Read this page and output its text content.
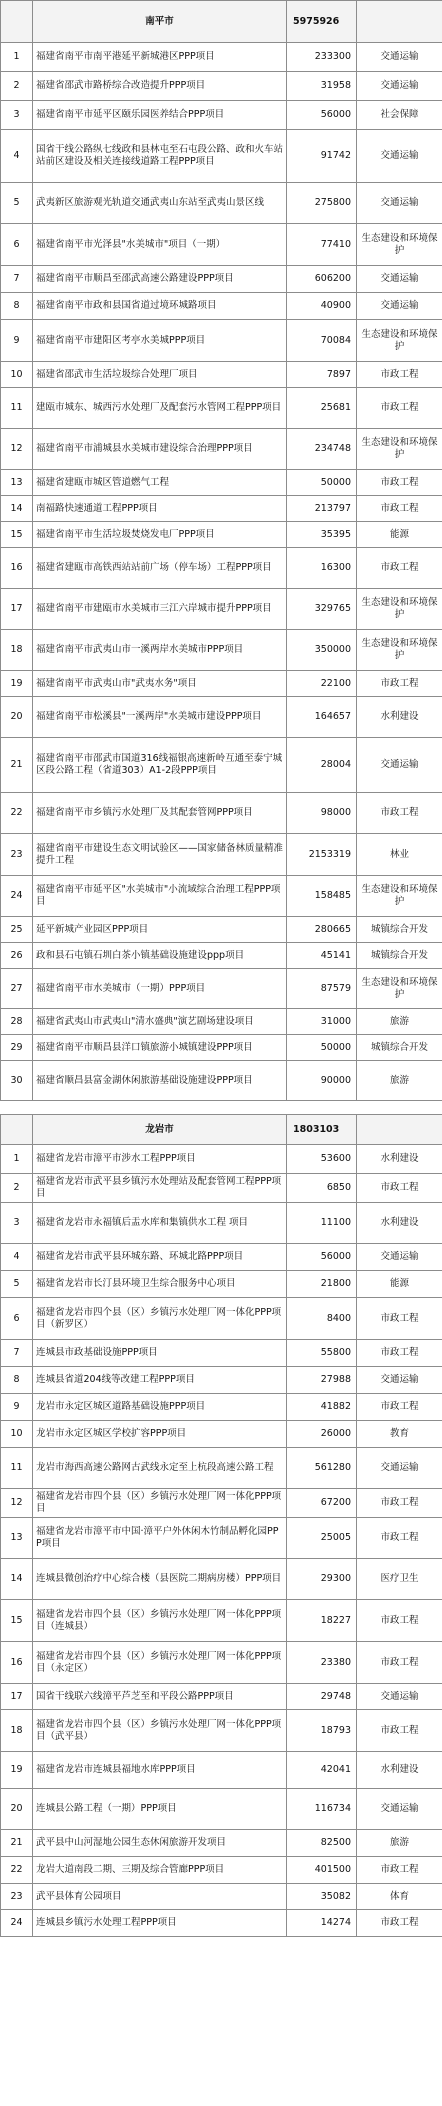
	南平市	5975926	
1	福建省南平市南平港延平新城港区PPP项目	233300	交通运输
2	福建省邵武市路桥综合改造提升PPP项目	31958	交通运输
3	福建省南平市延平区颐乐园医养结合PPP项目	56000	社会保障
4	国省干线公路纵七线政和县林屯至石屯段公路、政和火车站站前区建设及相关连接线道路工程PPP项目	91742	交通运输
5	武夷新区旅游观光轨道交通武夷山东站至武夷山景区线	275800	交通运输
6	福建省南平市光泽县"水美城市"项目（一期）	77410	生态建设和环境保护
7	福建省南平市顺昌至邵武高速公路建设PPP项目	606200	交通运输
8	福建省南平市政和县国省道过境环城路项目	40900	交通运输
9	福建省南平市建阳区考亭水美城PPP项目	70084	生态建设和环境保护
10	福建省邵武市生活垃圾综合处理厂项目	7897	市政工程
11	建瓯市城东、城西污水处理厂及配套污水管网工程PPP项目	25681	市政工程
12	福建省南平市浦城县水美城市建设综合治理PPP项目	234748	生态建设和环境保护
13	福建省建瓯市城区管道燃气工程	50000	市政工程
14	南福路快速通道工程PPP项目	213797	市政工程
15	福建省南平市生活垃圾焚烧发电厂PPP项目	35395	能源
16	福建省建瓯市高铁西站站前广场（停车场）工程PPP项目	16300	市政工程
17	福建省南平市建瓯市水美城市三江六岸城市提升PPP项目	329765	生态建设和环境保护
18	福建省南平市武夷山市一溪两岸水美城市PPP项目	350000	生态建设和环境保护
19	福建省南平市武夷山市"武夷水务"项目	22100	市政工程
20	福建省南平市松溪县"一溪两岸"水美城市建设PPP项目	164657	水利建设
21	福建省南平市邵武市国道316线福银高速新岭互通至泰宁城区段公路工程（省道303）A1-2段PPP项目	28004	交通运输
22	福建省南平市乡镇污水处理厂及其配套管网PPP项目	98000	市政工程
23	福建省南平市建设生态文明试验区——国家储备林质量精准提升工程	2153319	林业
24	福建省南平市延平区"水美城市"小流域综合治理工程PPP项目	158485	生态建设和环境保护
25	延平新城产业园区PPP项目	280665	城镇综合开发
26	政和县石屯镇石圳白茶小镇基础设施建设ppp项目	45141	城镇综合开发
27	福建省南平市水美城市（一期）PPP项目	87579	生态建设和环境保护
28	福建省武夷山市武夷山"清水盛典"演艺剧场建设项目	31000	旅游
29	福建省南平市顺昌县洋口镇旅游小城镇建设PPP项目	50000	城镇综合开发
30	福建省顺昌县富金湖休闲旅游基础设施建设PPP项目	90000	旅游

	龙岩市	1803103	
1	福建省龙岩市漳平市涉水工程PPP项目	53600	水利建设
2	福建省龙岩市武平县乡镇污水处理站及配套管网工程PPP项目	6850	市政工程
3	福建省龙岩市永福镇后盂水库和集镇供水工程 项目	11100	水利建设
4	福建省龙岩市武平县环城东路、环城北路PPP项目	56000	交通运输
5	福建省龙岩市长汀县环境卫生综合服务中心项目	21800	能源
6	福建省龙岩市四个县（区）乡镇污水处理厂网一体化PPP项目（新罗区）	8400	市政工程
7	连城县市政基础设施PPP项目	55800	市政工程
8	连城县省道204线等改建工程PPP项目	27988	交通运输
9	龙岩市永定区城区道路基础设施PPP项目	41882	市政工程
10	龙岩市永定区城区学校扩容PPP项目	26000	教育
11	龙岩市海西高速公路网古武线永定至上杭段高速公路工程	561280	交通运输
12	福建省龙岩市四个县（区）乡镇污水处理厂网一体化PPP项目	67200	市政工程
13	福建省龙岩市漳平市中国·漳平户外休闲木竹制品孵化园PPP项目	25005	市政工程
14	连城县微创治疗中心综合楼（县医院二期病房楼）PPP项目	29300	医疗卫生
15	福建省龙岩市四个县（区）乡镇污水处理厂网一体化PPP项目（连城县）	18227	市政工程
16	福建省龙岩市四个县（区）乡镇污水处理厂网一体化PPP项目（永定区）	23380	市政工程
17	国省干线联六线漳平芦芝至和平段公路PPP项目	29748	交通运输
18	福建省龙岩市四个县（区）乡镇污水处理厂网一体化PPP项目（武平县）	18793	市政工程
19	福建省龙岩市连城县福地水库PPP项目	42041	水利建设
20	连城县公路工程（一期）PPP项目	116734	交通运输
21	武平县中山河湿地公园生态休闲旅游开发项目	82500	旅游
22	龙岩大道南段二期、三期及综合管廊PPP项目	401500	市政工程
23	武平县体育公园项目	35082	体育
24	连城县乡镇污水处理工程PPP项目	14274	市政工程
